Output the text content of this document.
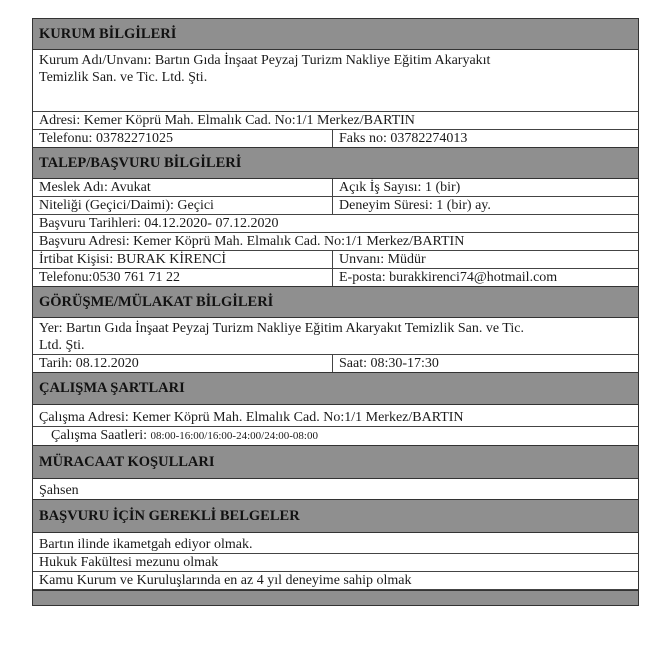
KURUM BİLGİLERİ
Kurum Adı/Unvanı: Bartın Gıda İnşaat Peyzaj Turizm Nakliye Eğitim Akaryakıt
Temizlik San. ve Tic. Ltd. Şti.
Adresi: Kemer Köprü Mah. Elmalık Cad. No:1/1 Merkez/BARTIN
Telefonu: 03782271025	Faks no: 03782274013
TALEP/BAŞVURU BİLGİLERİ
Meslek Adı: Avukat	Açık İş Sayısı: 1 (bir)
Niteliği (Geçici/Daimi): Geçici	Deneyim Süresi: 1 (bir) ay.
Başvuru Tarihleri: 04.12.2020- 07.12.2020
Başvuru Adresi: Kemer Köprü Mah. Elmalık Cad. No:1/1 Merkez/BARTIN
İrtibat Kişisi: BURAK KİRENCİ	Unvanı: Müdür
Telefonu:0530 761 71 22	E-posta: burakkirenci74@hotmail.com
GÖRÜŞME/MÜLAKAT BİLGİLERİ
Yer: Bartın Gıda İnşaat Peyzaj Turizm Nakliye Eğitim Akaryakıt Temizlik San. ve Tic.
Ltd. Şti.
Tarih: 08.12.2020	Saat: 08:30-17:30
ÇALIŞMA ŞARTLARI
Çalışma Adresi: Kemer Köprü Mah. Elmalık Cad. No:1/1 Merkez/BARTIN
Çalışma Saatleri: 08:00-16:00/16:00-24:00/24:00-08:00
MÜRACAAT KOŞULLARI
Şahsen
BAŞVURU İÇİN GEREKLİ BELGELER
Bartın ilinde ikametgah ediyor olmak.
Hukuk Fakültesi mezunu olmak
Kamu Kurum ve Kuruluşlarında en az 4 yıl deneyime sahip olmak
